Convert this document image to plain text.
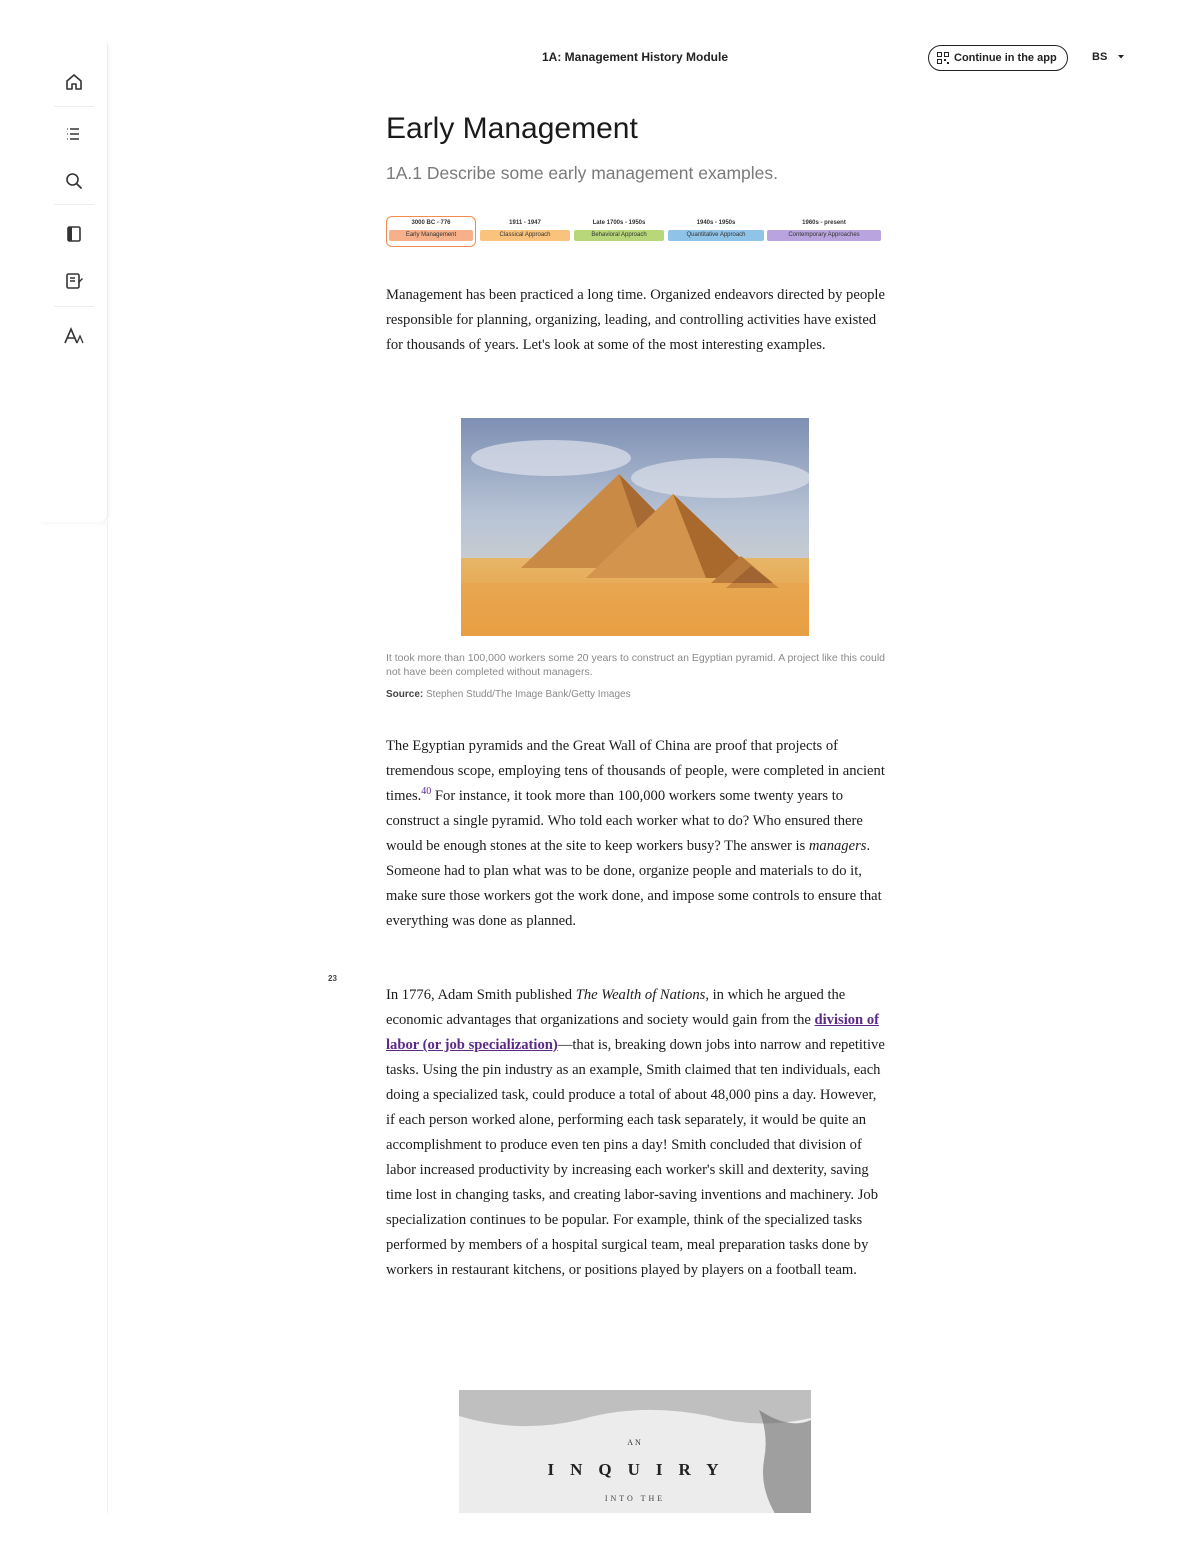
1A: Management History Module	Continue in the app	BS
Early Management
1A.1 Describe some early management examples.
3000 BC - 776
Early Management
1911 - 1947
Classical Approach
Late 1700s - 1950s
Behavioral Approach
1940s - 1950s
Quantitative Approach
1960s - present
Contemporary Approaches

Management has been practiced a long time. Organized endeavors directed by people responsible for planning, organizing, leading, and controlling activities have existed for thousands of years. Let's look at some of the most interesting examples.

It took more than 100,000 workers some 20 years to construct an Egyptian pyramid. A project like this could not have been completed without managers.

Source: Stephen Studd/The Image Bank/Getty Images

The Egyptian pyramids and the Great Wall of China are proof that projects of tremendous scope, employing tens of thousands of people, were completed in ancient times.$^{40}$ For instance, it took more than 100,000 workers some twenty years to construct a single pyramid. Who told each worker what to do? Who ensured there would be enough stones at the site to keep workers busy? The answer is managers. Someone had to plan what was to be done, organize people and materials to do it, make sure those workers got the work done, and impose some controls to ensure that everything was done as planned.

In 1776, Adam Smith published The Wealth of Nations, in which he argued the economic advantages that organizations and society would gain from the division of labor (or job specialization)—that is, breaking down jobs into narrow and repetitive tasks. Using the pin industry as an example, Smith claimed that ten individuals, each doing a specialized task, could produce a total of about 48,000 pins a day. However, if each person worked alone, performing each task separately, it would be quite an accomplishment to produce even ten pins a day! Smith concluded that division of labor increased productivity by increasing each worker's skill and dexterity, saving time lost in changing tasks, and creating labor-saving inventions and machinery. Job specialization continues to be popular. For example, think of the specialized tasks performed by members of a hospital surgical team, meal preparation tasks done by workers in restaurant kitchens, or positions played by players on a football team.

AN
INQUIRY
INTO THE
23
